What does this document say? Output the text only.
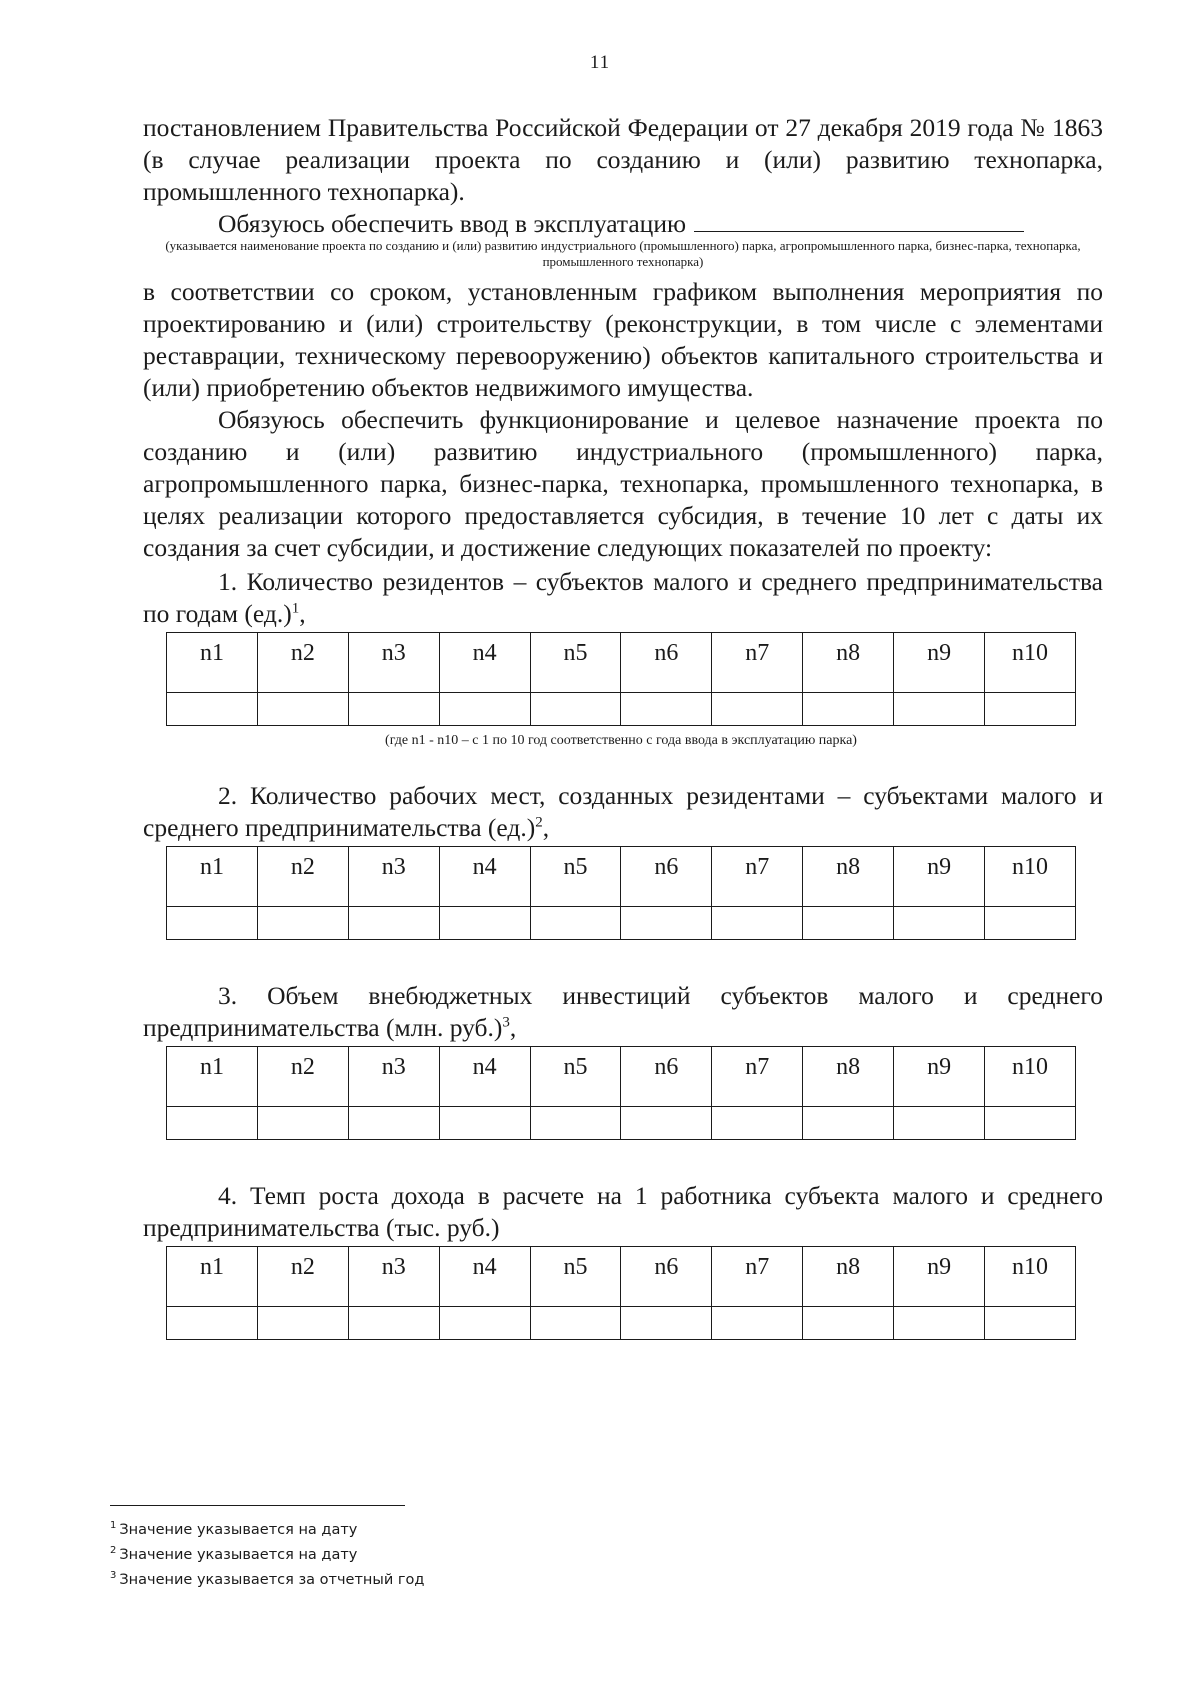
11

постановлением Правительства Российской Федерации от 27 декабря 2019 года № 1863 (в случае реализации проекта по созданию и (или) развитию технопарка, промышленного технопарка).

Обязуюсь обеспечить ввод в эксплуатацию

(указывается наименование проекта по созданию и (или) развитию индустриального (промышленного) парка, агропромышленного парка, бизнес-парка, технопарка, промышленного технопарка)

в соответствии со сроком, установленным графиком выполнения мероприятия по проектированию и (или) строительству (реконструкции, в том числе с элементами реставрации, техническому перевооружению) объектов капитального строительства и (или) приобретению объектов недвижимого имущества.

Обязуюсь обеспечить функционирование и целевое назначение проекта по созданию и (или) развитию индустриального (промышленного) парка, агропромышленного парка, бизнес-парка, технопарка, промышленного технопарка, в целях реализации которого предоставляется субсидия, в течение 10 лет с даты их создания за счет субсидии, и достижение следующих показателей по проекту:

1. Количество резидентов – субъектов малого и среднего предпринимательства по годам $(ед.)^1$,

n1	n2	n3	n4	n5	n6	n7	n8	n9	n10

(где n1 - n10 – с 1 по 10 год соответственно с года ввода в эксплуатацию парка)

2. Количество рабочих мест, созданных резидентами – субъектами малого и среднего предпринимательства $(ед.)^2$,

n1	n2	n3	n4	n5	n6	n7	n8	n9	n10

3. Объем внебюджетных инвестиций субъектов малого и среднего предпринимательства (млн. руб.)$^3$,

n1	n2	n3	n4	n5	n6	n7	n8	n9	n10

4. Темп роста дохода в расчете на 1 работника субъекта малого и среднего предпринимательства (тыс. руб.)

n1	n2	n3	n4	n5	n6	n7	n8	n9	n10

$^1$ Значение указывается на дату
$^2$ Значение указывается на дату
$^3$ Значение указывается за отчетный год
